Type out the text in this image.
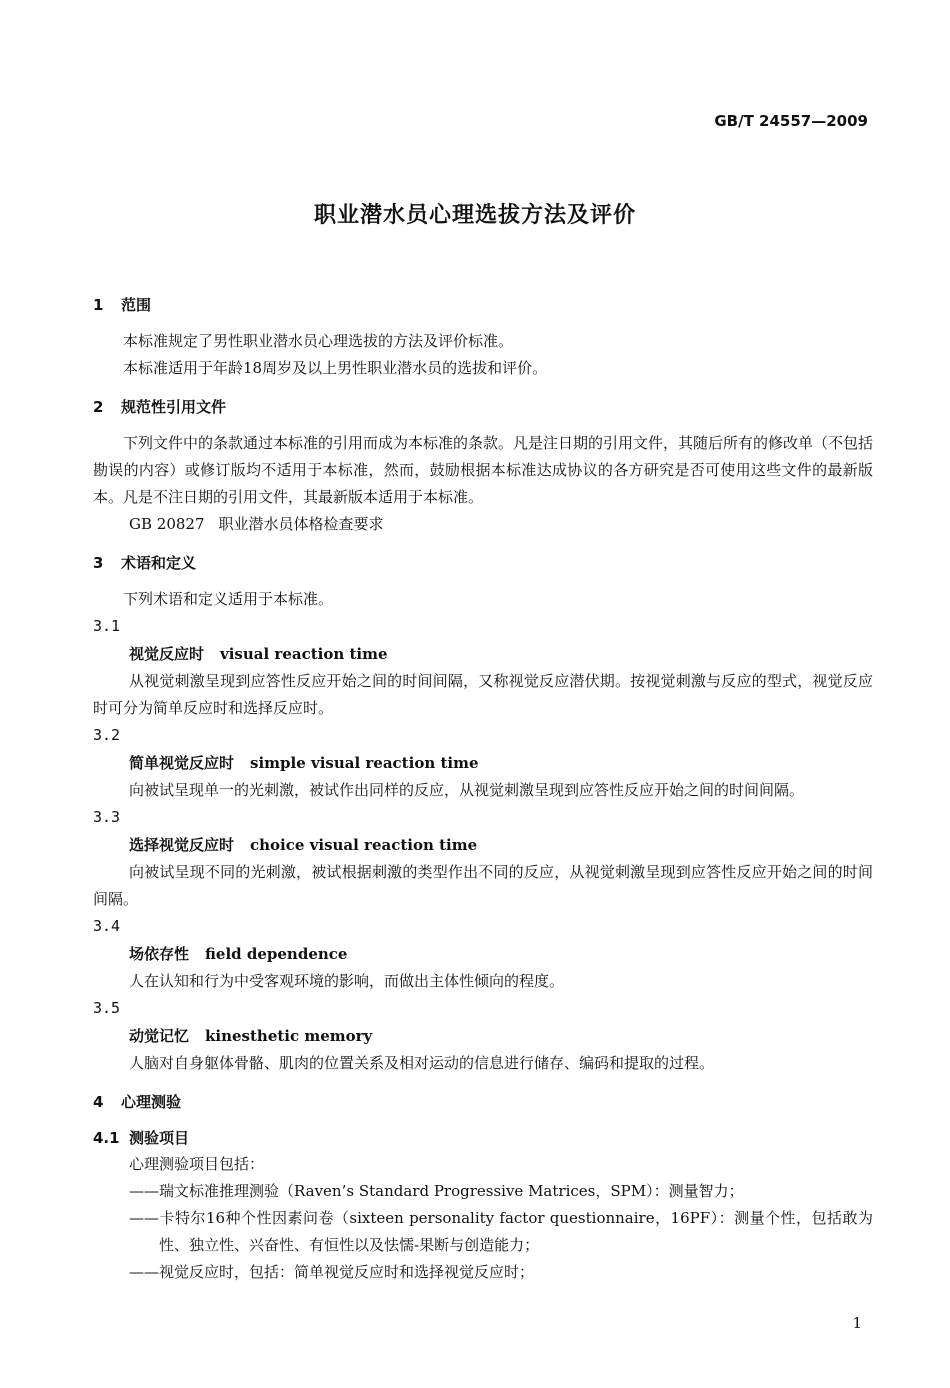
GB/T 24557—2009
职业潜水员心理选拔方法及评价
1 范围
本标准规定了男性职业潜水员心理选拔的方法及评价标准。
本标准适用于年龄18周岁及以上男性职业潜水员的选拔和评价。
2 规范性引用文件
下列文件中的条款通过本标准的引用而成为本标准的条款。凡是注日期的引用文件，其随后所有的修改单（不包括勘误的内容）或修订版均不适用于本标准，然而，鼓励根据本标准达成协议的各方研究是否可使用这些文件的最新版本。凡是不注日期的引用文件，其最新版本适用于本标准。
GB 20827 职业潜水员体格检查要求
3 术语和定义
下列术语和定义适用于本标准。
3.1
视觉反应时 visual reaction time
从视觉刺激呈现到应答性反应开始之间的时间间隔，又称视觉反应潜伏期。按视觉刺激与反应的型式，视觉反应时可分为简单反应时和选择反应时。
3.2
简单视觉反应时 simple visual reaction time
向被试呈现单一的光刺激，被试作出同样的反应，从视觉刺激呈现到应答性反应开始之间的时间间隔。
3.3
选择视觉反应时 choice visual reaction time
向被试呈现不同的光刺激，被试根据刺激的类型作出不同的反应，从视觉刺激呈现到应答性反应开始之间的时间间隔。
3.4
场依存性 field dependence
人在认知和行为中受客观环境的影响，而做出主体性倾向的程度。
3.5
动觉记忆 kinesthetic memory
人脑对自身躯体骨骼、肌肉的位置关系及相对运动的信息进行储存、编码和提取的过程。
4 心理测验
4.1 测验项目
心理测验项目包括：
——瑞文标准推理测验（Raven’s Standard Progressive Matrices，SPM）：测量智力；
——卡特尔16种个性因素问卷（sixteen personality factor questionnaire，16PF）：测量个性，包括敢为性、独立性、兴奋性、有恒性以及怯懦-果断与创造能力；
——视觉反应时，包括：简单视觉反应时和选择视觉反应时；
1
